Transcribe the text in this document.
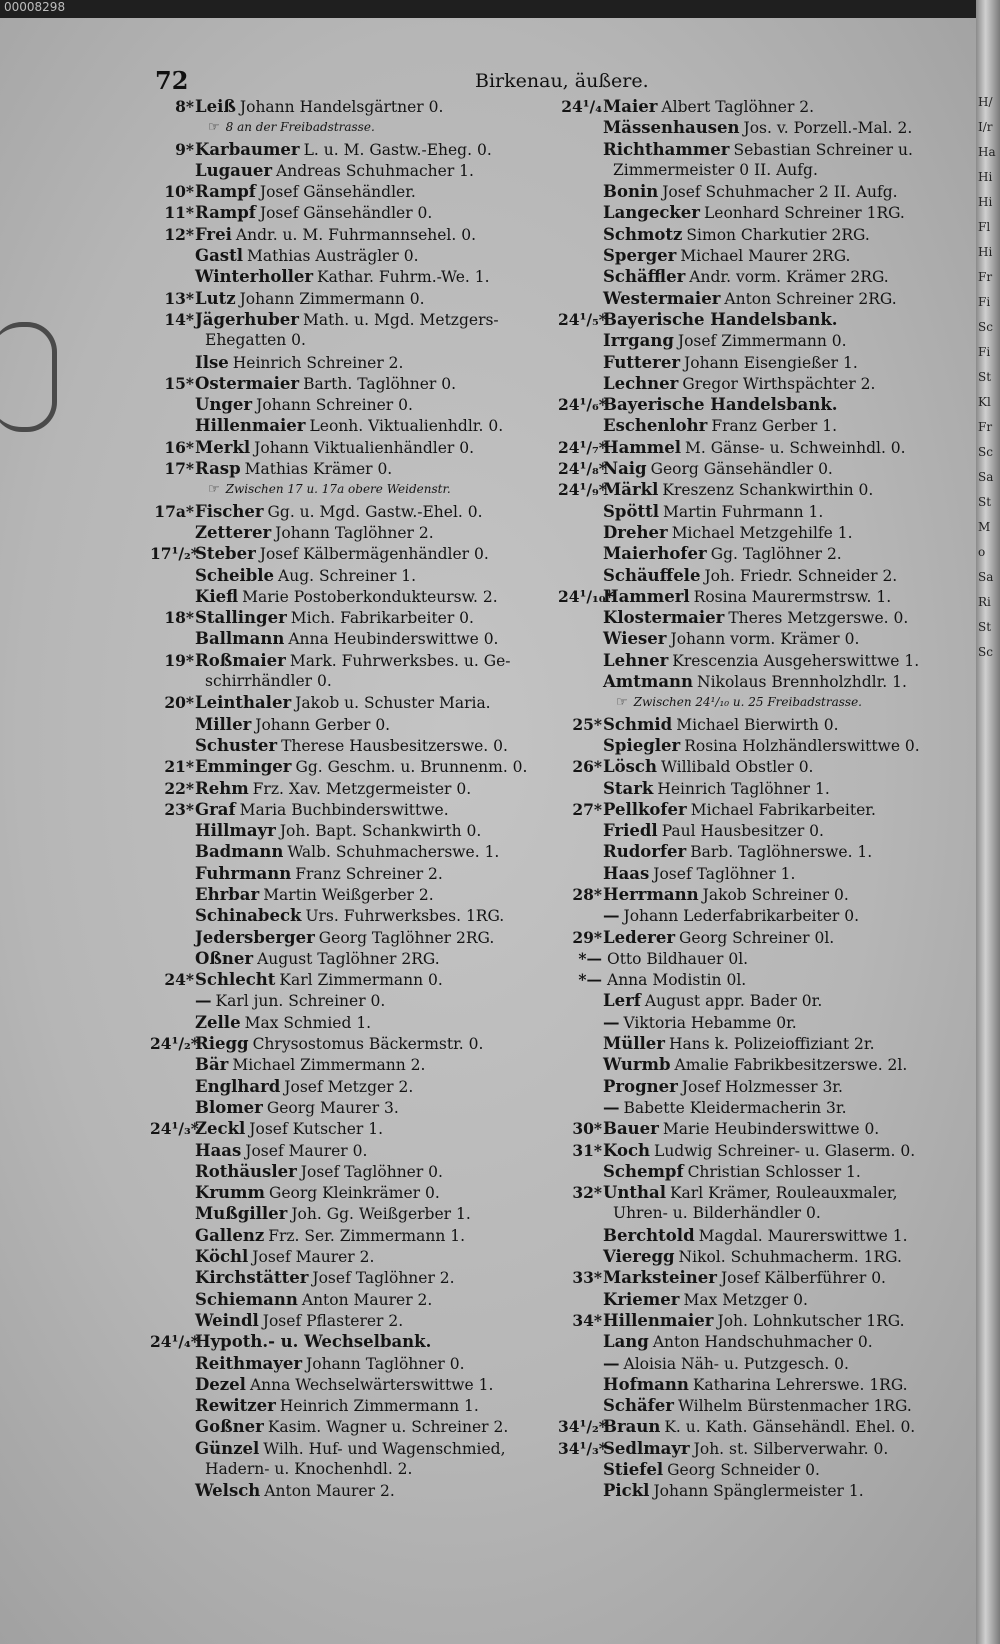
00008298
72	Birkenau, äußere.
8*Leiß Johann Handelsgärtner 0.
☞ 8 an der Freibadstrasse.
9*Karbaumer L. u. M. Gastw.-Eheg. 0.
Lugauer Andreas Schuhmacher 1.
10*Rampf Josef Gänsehändler.
11*Rampf Josef Gänsehändler 0.
12*Frei Andr. u. M. Fuhrmannsehel. 0.
Gastl Mathias Austrägler 0.
Winterholler Kathar. Fuhrm.-We. 1.
13*Lutz Johann Zimmermann 0.
14*Jägerhuber Math. u. Mgd. Metzgers-
Ehegatten 0.
Ilse Heinrich Schreiner 2.
15*Ostermaier Barth. Taglöhner 0.
Unger Johann Schreiner 0.
Hillenmaier Leonh. Viktualienhdlr. 0.
16*Merkl Johann Viktualienhändler 0.
17*Rasp Mathias Krämer 0.
☞ Zwischen 17 u. 17a obere Weidenstr.
17a*Fischer Gg. u. Mgd. Gastw.-Ehel. 0.
Zetterer Johann Taglöhner 2.
17¹/₂*Steber Josef Kälbermägenhändler 0.
Scheible Aug. Schreiner 1.
Kiefl Marie Postoberkondukteursw. 2.
18*Stallinger Mich. Fabrikarbeiter 0.
Ballmann Anna Heubinderswittwe 0.
19*Roßmaier Mark. Fuhrwerksbes. u. Ge-
schirrhändler 0.
20*Leinthaler Jakob u. Schuster Maria.
Miller Johann Gerber 0.
Schuster Therese Hausbesitzerswe. 0.
21*Emminger Gg. Geschm. u. Brunnenm. 0.
22*Rehm Frz. Xav. Metzgermeister 0.
23*Graf Maria Buchbinderswittwe.
Hillmayr Joh. Bapt. Schankwirth 0.
Badmann Walb. Schuhmacherswe. 1.
Fuhrmann Franz Schreiner 2.
Ehrbar Martin Weißgerber 2.
Schinabeck Urs. Fuhrwerksbes. 1RG.
Jedersberger Georg Taglöhner 2RG.
Oßner August Taglöhner 2RG.
24*Schlecht Karl Zimmermann 0.
— Karl jun. Schreiner 0.
Zelle Max Schmied 1.
24¹/₂*Riegg Chrysostomus Bäckermstr. 0.
Bär Michael Zimmermann 2.
Englhard Josef Metzger 2.
Blomer Georg Maurer 3.
24¹/₃*Zeckl Josef Kutscher 1.
Haas Josef Maurer 0.
Rothäusler Josef Taglöhner 0.
Krumm Georg Kleinkrämer 0.
Mußgiller Joh. Gg. Weißgerber 1.
Gallenz Frz. Ser. Zimmermann 1.
Köchl Josef Maurer 2.
Kirchstätter Josef Taglöhner 2.
Schiemann Anton Maurer 2.
Weindl Josef Pflasterer 2.
24¹/₄*Hypoth.- u. Wechselbank.
Reithmayer Johann Taglöhner 0.
Dezel Anna Wechselwärterswittwe 1.
Rewitzer Heinrich Zimmermann 1.
Goßner Kasim. Wagner u. Schreiner 2.
Günzel Wilh. Huf- und Wagenschmied,
Hadern- u. Knochenhdl. 2.
Welsch Anton Maurer 2.
24¹/₄Maier Albert Taglöhner 2.
Mässenhausen Jos. v. Porzell.-Mal. 2.
Richthammer Sebastian Schreiner u.
Zimmermeister 0 II. Aufg.
Bonin Josef Schuhmacher 2 II. Aufg.
Langecker Leonhard Schreiner 1RG.
Schmotz Simon Charkutier 2RG.
Sperger Michael Maurer 2RG.
Schäffler Andr. vorm. Krämer 2RG.
Westermaier Anton Schreiner 2RG.
24¹/₅*Bayerische Handelsbank.
Irrgang Josef Zimmermann 0.
Futterer Johann Eisengießer 1.
Lechner Gregor Wirthspächter 2.
24¹/₆*Bayerische Handelsbank.
Eschenlohr Franz Gerber 1.
24¹/₇*Hammel M. Gänse- u. Schweinhdl. 0.
24¹/₈*Naig Georg Gänsehändler 0.
24¹/₉*Märkl Kreszenz Schankwirthin 0.
Spöttl Martin Fuhrmann 1.
Dreher Michael Metzgehilfe 1.
Maierhofer Gg. Taglöhner 2.
Schäuffele Joh. Friedr. Schneider 2.
24¹/₁₀*Hammerl Rosina Maurermstrsw. 1.
Klostermaier Theres Metzgerswe. 0.
Wieser Johann vorm. Krämer 0.
Lehner Krescenzia Ausgeherswittwe 1.
Amtmann Nikolaus Brennholzhdlr. 1.
☞ Zwischen 24¹/₁₀ u. 25 Freibadstrasse.
25*Schmid Michael Bierwirth 0.
Spiegler Rosina Holzhändlerswittwe 0.
26*Lösch Willibald Obstler 0.
Stark Heinrich Taglöhner 1.
27*Pellkofer Michael Fabrikarbeiter.
Friedl Paul Hausbesitzer 0.
Rudorfer Barb. Taglöhnerswe. 1.
Haas Josef Taglöhner 1.
28*Herrmann Jakob Schreiner 0.
— Johann Lederfabrikarbeiter 0.
29*Lederer Georg Schreiner 0l.
*— Otto Bildhauer 0l.
*— Anna Modistin 0l.
Lerf August appr. Bader 0r.
— Viktoria Hebamme 0r.
Müller Hans k. Polizeioffiziant 2r.
Wurmb Amalie Fabrikbesitzerswe. 2l.
Progner Josef Holzmesser 3r.
— Babette Kleidermacherin 3r.
30*Bauer Marie Heubinderswittwe 0.
31*Koch Ludwig Schreiner- u. Glaserm. 0.
Schempf Christian Schlosser 1.
32*Unthal Karl Krämer, Rouleauxmaler,
Uhren- u. Bilderhändler 0.
Berchtold Magdal. Maurerswittwe 1.
Vieregg Nikol. Schuhmacherm. 1RG.
33*Marksteiner Josef Kälberführer 0.
Kriemer Max Metzger 0.
34*Hillenmaier Joh. Lohnkutscher 1RG.
Lang Anton Handschuhmacher 0.
— Aloisia Näh- u. Putzgesch. 0.
Hofmann Katharina Lehrerswe. 1RG.
Schäfer Wilhelm Bürstenmacher 1RG.
34¹/₂*Braun K. u. Kath. Gänsehändl. Ehel. 0.
34¹/₃*Sedlmayr Joh. st. Silberverwahr. 0.
Stiefel Georg Schneider 0.
Pickl Johann Spänglermeister 1.
H/ I/r Ha Hi Hi Fl Hi Fr Fi Sc Fi St Kl Fr Sc Sa St Mo Sa Ri St Sc
